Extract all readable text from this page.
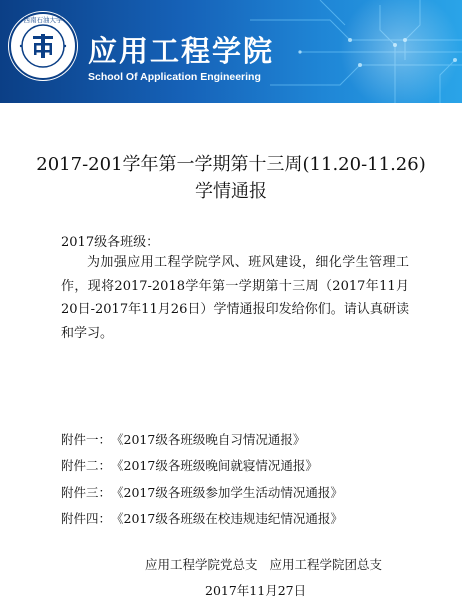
西南石油大学
应用工程学院
School Of Application Engineering
2017-201学年第一学期第十三周(11.20-11.26)
学情通报
2017级各班级：
为加强应用工程学院学风、班风建设，细化学生管理工作，现将2017-2018学年第一学期第十三周（2017年11月20日-2017年11月26日）学情通报印发给你们。请认真研读和学习。
附件一：《2017级各班级晚自习情况通报》
附件二：《2017级各班级晚间就寝情况通报》
附件三：《2017级各班级参加学生活动情况通报》
附件四：《2017级各班级在校违规违纪情况通报》
应用工程学院党总支 应用工程学院团总支
2017年11月27日
